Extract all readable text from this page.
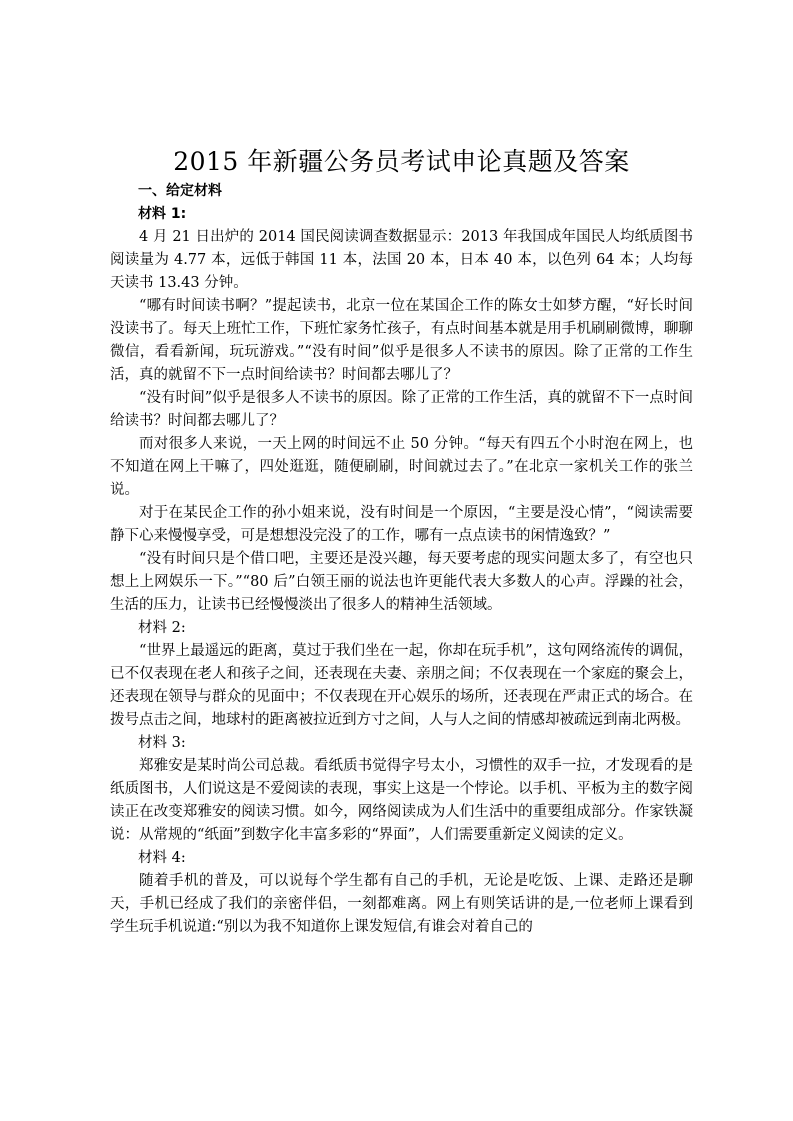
2015 年新疆公务员考试申论真题及答案
一、给定材料
材料 1:

4 月 21 日出炉的 2014 国民阅读调查数据显示：2013 年我国成年国民人均纸质图书阅读量为 4.77 本，远低于韩国 11 本，法国 20 本，日本 40 本，以色列 64 本；人均每天读书 13.43 分钟。

“哪有时间读书啊？”提起读书，北京一位在某国企工作的陈女士如梦方醒，“好长时间没读书了。每天上班忙工作，下班忙家务忙孩子，有点时间基本就是用手机刷刷微博，聊聊微信，看看新闻，玩玩游戏。”“没有时间”似乎是很多人不读书的原因。除了正常的工作生活，真的就留不下一点时间给读书？时间都去哪儿了？

“没有时间”似乎是很多人不读书的原因。除了正常的工作生活，真的就留不下一点时间给读书？时间都去哪儿了？

而对很多人来说，一天上网的时间远不止 50 分钟。“每天有四五个小时泡在网上，也不知道在网上干嘛了，四处逛逛，随便刷刷，时间就过去了。”在北京一家机关工作的张兰说。

对于在某民企工作的孙小姐来说，没有时间是一个原因，“主要是没心情”，“阅读需要静下心来慢慢享受，可是想想没完没了的工作，哪有一点点读书的闲情逸致？”

“没有时间只是个借口吧，主要还是没兴趣，每天要考虑的现实问题太多了，有空也只想上上网娱乐一下。”“80 后”白领王丽的说法也许更能代表大多数人的心声。浮躁的社会，生活的压力，让读书已经慢慢淡出了很多人的精神生活领域。

材料 2:

“世界上最遥远的距离，莫过于我们坐在一起，你却在玩手机”，这句网络流传的调侃，已不仅表现在老人和孩子之间，还表现在夫妻、亲朋之间；不仅表现在一个家庭的聚会上，还表现在领导与群众的见面中；不仅表现在开心娱乐的场所，还表现在严肃正式的场合。在拨号点击之间，地球村的距离被拉近到方寸之间，人与人之间的情感却被疏远到南北两极。

材料 3:

郑雅安是某时尚公司总裁。看纸质书觉得字号太小，习惯性的双手一拉，才发现看的是纸质图书，人们说这是不爱阅读的表现，事实上这是一个悖论。以手机、平板为主的数字阅读正在改变郑雅安的阅读习惯。如今，网络阅读成为人们生活中的重要组成部分。作家铁凝说：从常规的“纸面”到数字化丰富多彩的“界面”，人们需要重新定义阅读的定义。

材料 4:

随着手机的普及，可以说每个学生都有自己的手机，无论是吃饭、上课、走路还是聊天，手机已经成了我们的亲密伴侣，一刻都难离。网上有则笑话讲的是,一位老师上课看到学生玩手机说道:“别以为我不知道你上课发短信,有谁会对着自己的
